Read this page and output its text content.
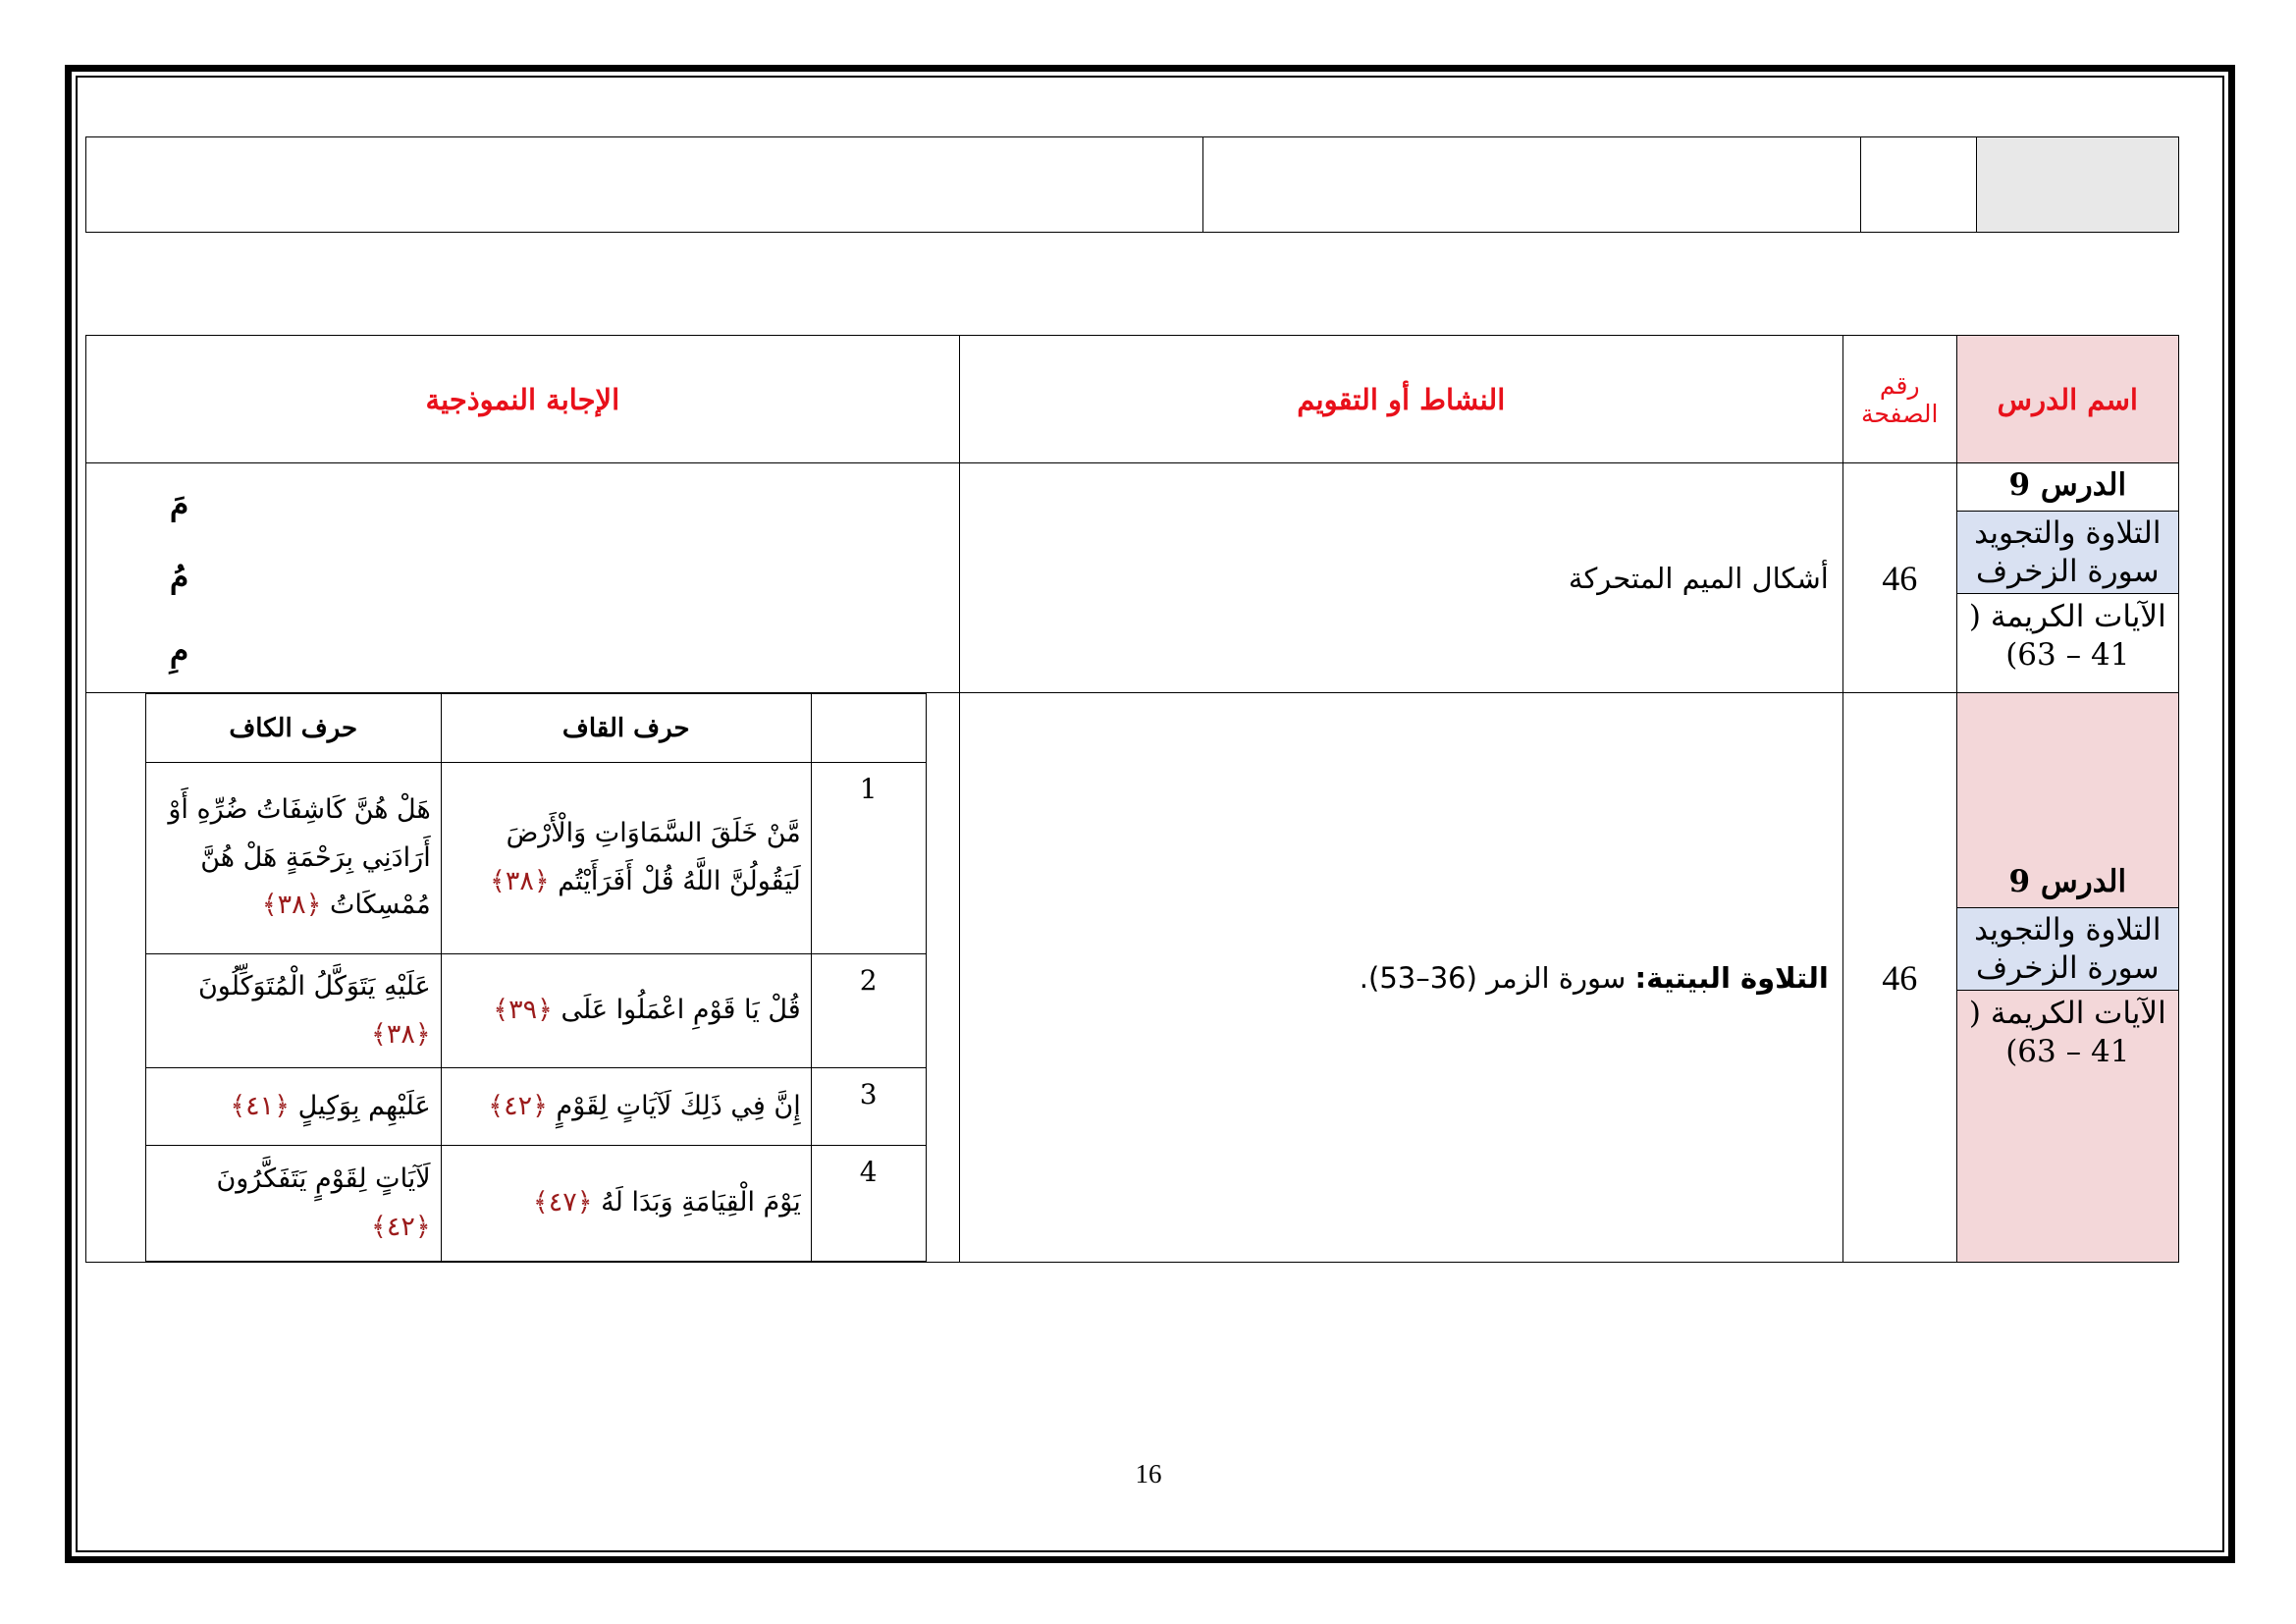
اسم الدرس	رقم الصفحة	النشاط أو التقويم	الإجابة النموذجية

الدرس 9
التلاوة والتجويد سورة الزخرف
الآيات الكريمة ( 41 – 63)
	46	أشكال الميم المتحركة	
مَ
مُ
مِ

الدرس 9
التلاوة والتجويد سورة الزخرف
الآيات الكريمة ( 41 – 63)
	46	التلاوة البيتية: سورة الزمر (36–53).	
	حرف القاف	حرف الكاف
1	مَّنْ خَلَقَ السَّمَاوَاتِ وَالْأَرْضَ لَيَقُولُنَّ اللَّهُ قُلْ أَفَرَأَيْتُم ﴿٣٨﴾	هَلْ هُنَّ كَاشِفَاتُ ضُرِّهِ أَوْ أَرَادَنِي بِرَحْمَةٍ هَلْ هُنَّ مُمْسِكَاتُ ﴿٣٨﴾
2	قُلْ يَا قَوْمِ اعْمَلُوا عَلَى ﴿٣٩﴾	عَلَيْهِ يَتَوَكَّلُ الْمُتَوَكِّلُونَ ﴿٣٨﴾
3	إِنَّ فِي ذَلِكَ لَآيَاتٍ لِقَوْمٍ ﴿٤٢﴾	عَلَيْهِم بِوَكِيلٍ ﴿٤١﴾
4	يَوْمَ الْقِيَامَةِ وَبَدَا لَهُ ﴿٤٧﴾	لَآيَاتٍ لِقَوْمٍ يَتَفَكَّرُونَ ﴿٤٢﴾
16
